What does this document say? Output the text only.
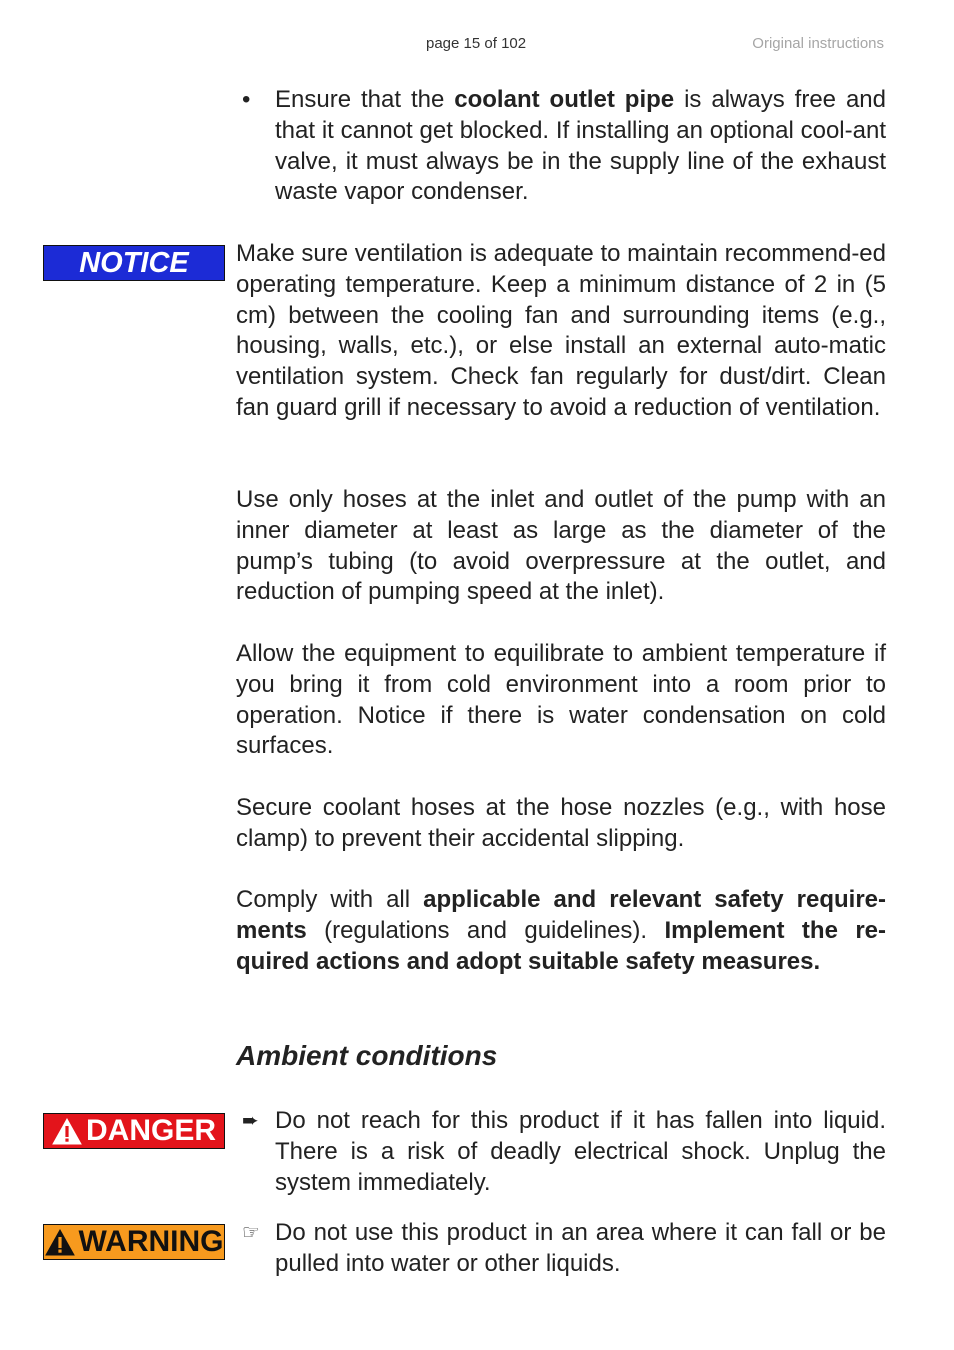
page 15 of 102	Original instructions
• Ensure that the coolant outlet pipe is always free and that it cannot get blocked. If installing an optional cool-ant valve, it must always be in the supply line of the exhaust waste vapor condenser.
NOTICE Make sure ventilation is adequate to maintain recommend-ed operating temperature. Keep a minimum distance of 2 in (5 cm) between the cooling fan and surrounding items (e.g., housing, walls, etc.), or else install an external auto-matic ventilation system. Check fan regularly for dust/dirt. Clean fan guard grill if necessary to avoid a reduction of ventilation.
Use only hoses at the inlet and outlet of the pump with an inner diameter at least as large as the diameter of the pump’s tubing (to avoid overpressure at the outlet, and reduction of pumping speed at the inlet).
Allow the equipment to equilibrate to ambient temperature if you bring it from cold environment into a room prior to operation. Notice if there is water condensation on cold surfaces.
Secure coolant hoses at the hose nozzles (e.g., with hose clamp) to prevent their accidental slipping.
Comply with all applicable and relevant safety require-ments (regulations and guidelines). Implement the re-quired actions and adopt suitable safety measures.
Ambient conditions
DANGER ➨ Do not reach for this product if it has fallen into liquid. There is a risk of deadly electrical shock. Unplug the system immediately.
WARNING ☞ Do not use this product in an area where it can fall or be pulled into water or other liquids.
